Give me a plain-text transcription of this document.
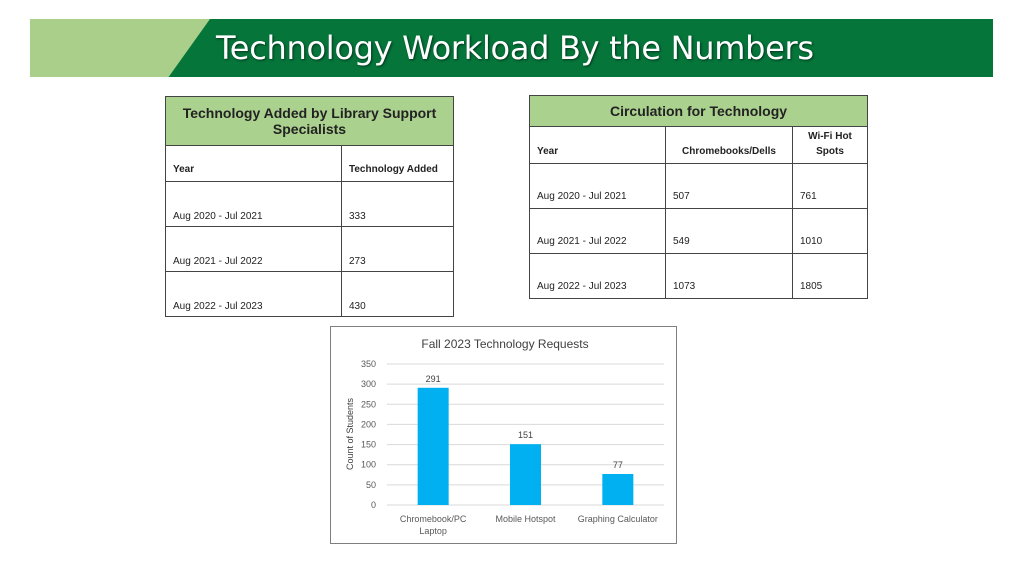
Technology Workload By the Numbers
Technology Added by Library Support Specialists	
Year	Technology Added
Aug 2020 - Jul 2021	333
Aug 2021 - Jul 2022	273
Aug 2022 - Jul 2023	430
Circulation for Technology		
Year	Chromebooks/Dells	Wi-Fi Hot
Spots
Aug 2020 - Jul 2021	507	761
Aug 2021 - Jul 2022	549	1010
Aug 2022 - Jul 2023	1073	1805
Fall 2023 Technology Requests
Count of Students
0
50
100
150
200
250
300
350
291
151
77
Chromebook/PC
Laptop
Mobile Hotspot Graphing Calculator
